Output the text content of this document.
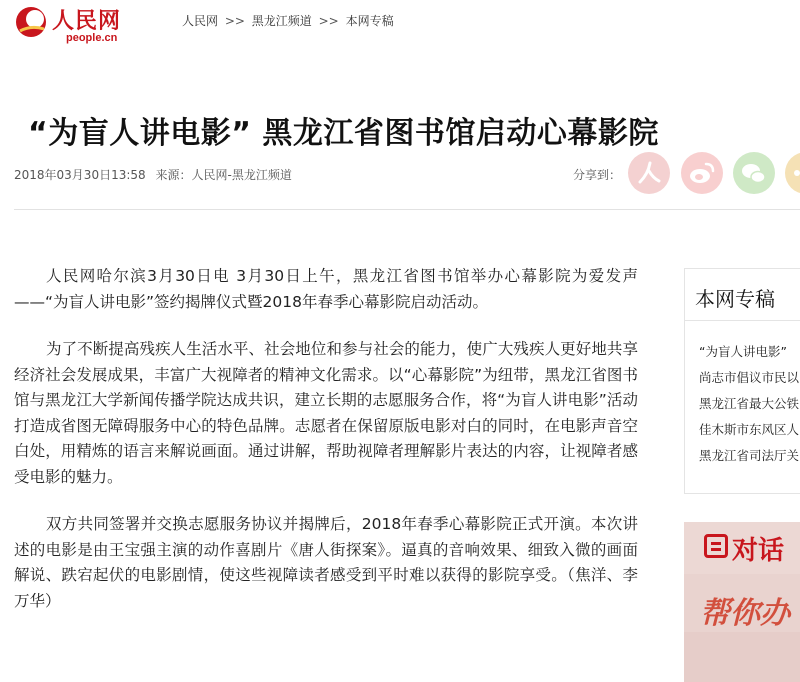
人民网
people.cn
人民网 >> 黑龙江频道 >> 本网专稿
“为盲人讲电影” 黑龙江省图书馆启动心幕影院
2018年03月30日13:58 来源：人民网-黑龙江频道	分享到：

人民网哈尔滨3月30日电 3月30日上午，黑龙江省图书馆举办心幕影院为爱发声——“为盲人讲电影”签约揭牌仪式暨2018年春季心幕影院启动活动。

为了不断提高残疾人生活水平、社会地位和参与社会的能力，使广大残疾人更好地共享经济社会发展成果，丰富广大视障者的精神文化需求。以“心幕影院”为纽带，黑龙江省图书馆与黑龙江大学新闻传播学院达成共识，建立长期的志愿服务合作，将“为盲人讲电影”活动打造成省图无障碍服务中心的特色品牌。志愿者在保留原版电影对白的同时，在电影声音空白处，用精炼的语言来解说画面。通过讲解，帮助视障者理解影片表达的内容，让视障者感受电影的魅力。

双方共同签署并交换志愿服务协议并揭牌后，2018年春季心幕影院正式开演。本次讲述的电影是由王宝强主演的动作喜剧片《唐人街探案》。逼真的音响效果、细致入微的画面解说、跌宕起伏的电影剧情，使这些视障读者感受到平时难以获得的影院享受。（焦洋、李万华）

本网专稿
“为盲人讲电影”
尚志市倡议市民以
黑龙江省最大公铁
佳木斯市东风区人
黑龙江省司法厅关
对话
帮你办
